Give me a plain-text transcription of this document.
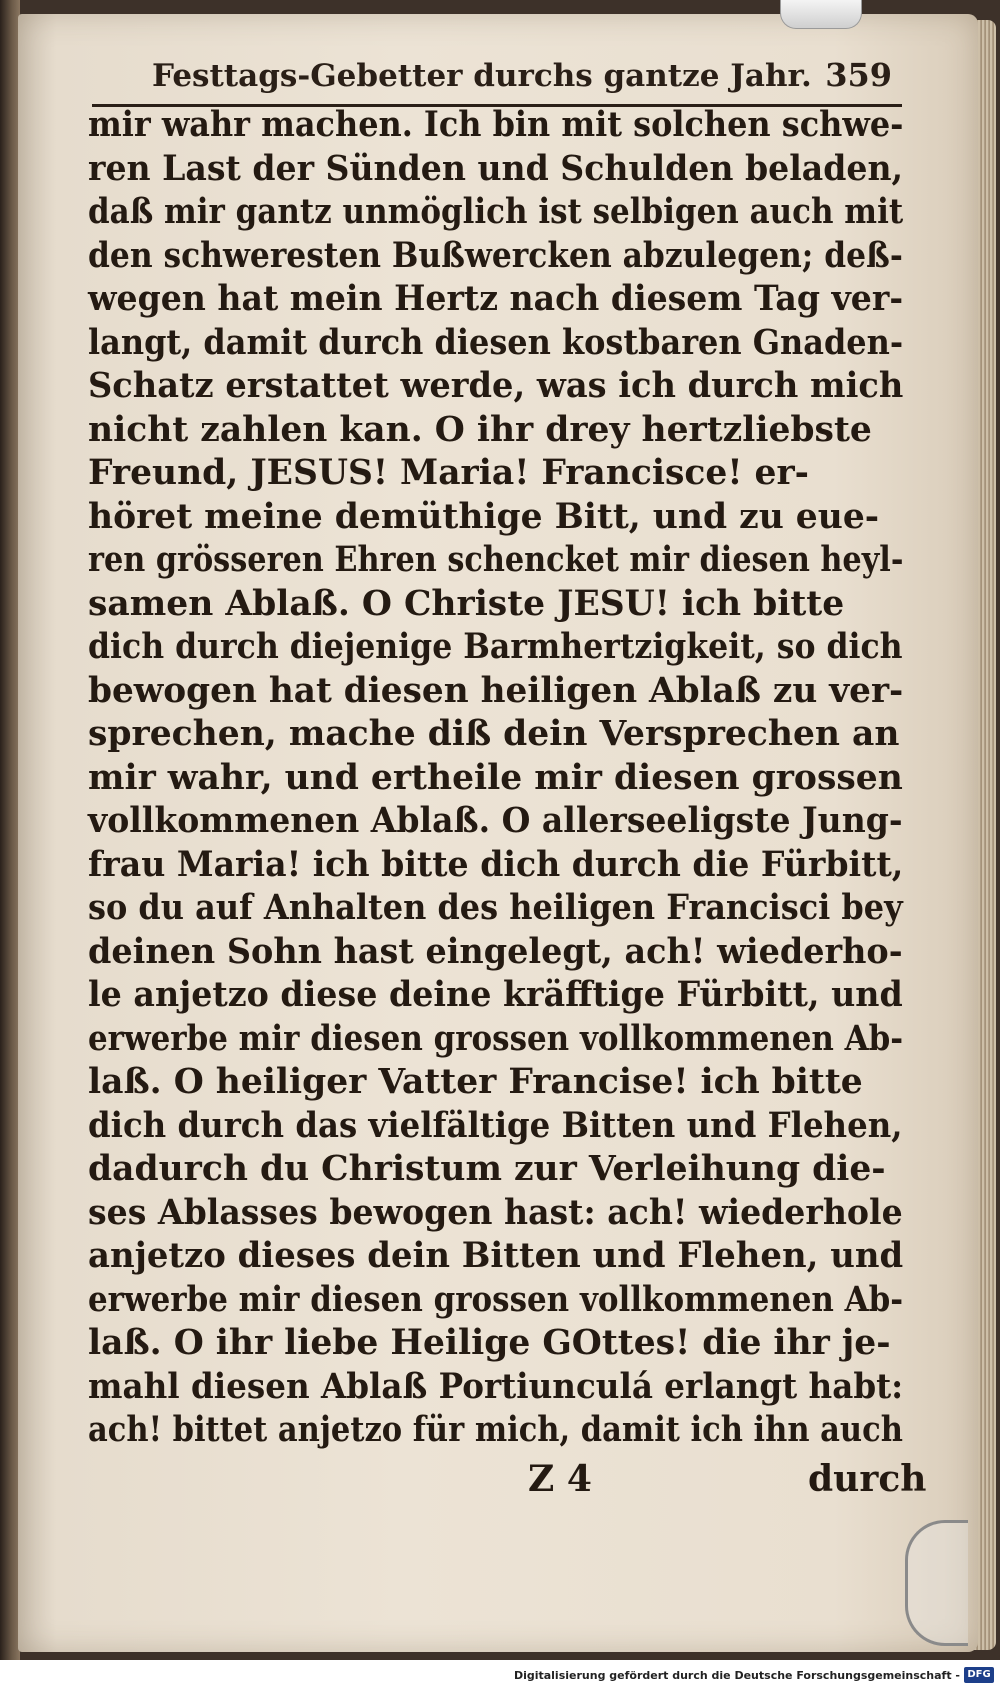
Festtags-Gebetter durchs gantze Jahr. 359
mir wahr machen. Ich bin mit solchen schwe-
ren Last der Sünden und Schulden beladen,
daß mir gantz unmöglich ist selbigen auch mit
den schweresten Bußwercken abzulegen; deß-
wegen hat mein Hertz nach diesem Tag ver-
langt, damit durch diesen kostbaren Gnaden-
Schatz erstattet werde, was ich durch mich
nicht zahlen kan. O ihr drey hertzliebste
Freund, JESUS! Maria! Francisce! er-
höret meine demüthige Bitt, und zu eue-
ren grösseren Ehren schencket mir diesen heyl-
samen Ablaß. O Christe JESU! ich bitte
dich durch diejenige Barmhertzigkeit, so dich
bewogen hat diesen heiligen Ablaß zu ver-
sprechen, mache diß dein Versprechen an
mir wahr, und ertheile mir diesen grossen
vollkommenen Ablaß. O allerseeligste Jung-
frau Maria! ich bitte dich durch die Fürbitt,
so du auf Anhalten des heiligen Francisci bey
deinen Sohn hast eingelegt, ach! wiederho-
le anjetzo diese deine kräfftige Fürbitt, und
erwerbe mir diesen grossen vollkommenen Ab-
laß. O heiliger Vatter Francise! ich bitte
dich durch das vielfältige Bitten und Flehen,
dadurch du Christum zur Verleihung die-
ses Ablasses bewogen hast: ach! wiederhole
anjetzo dieses dein Bitten und Flehen, und
erwerbe mir diesen grossen vollkommenen Ab-
laß. O ihr liebe Heilige GOttes! die ihr je-
mahl diesen Ablaß Portiunculá erlangt habt:
ach! bittet anjetzo für mich, damit ich ihn auch
Z 4	durch
Digitalisierung gefördert durch die Deutsche Forschungsgemeinschaft - DFG
